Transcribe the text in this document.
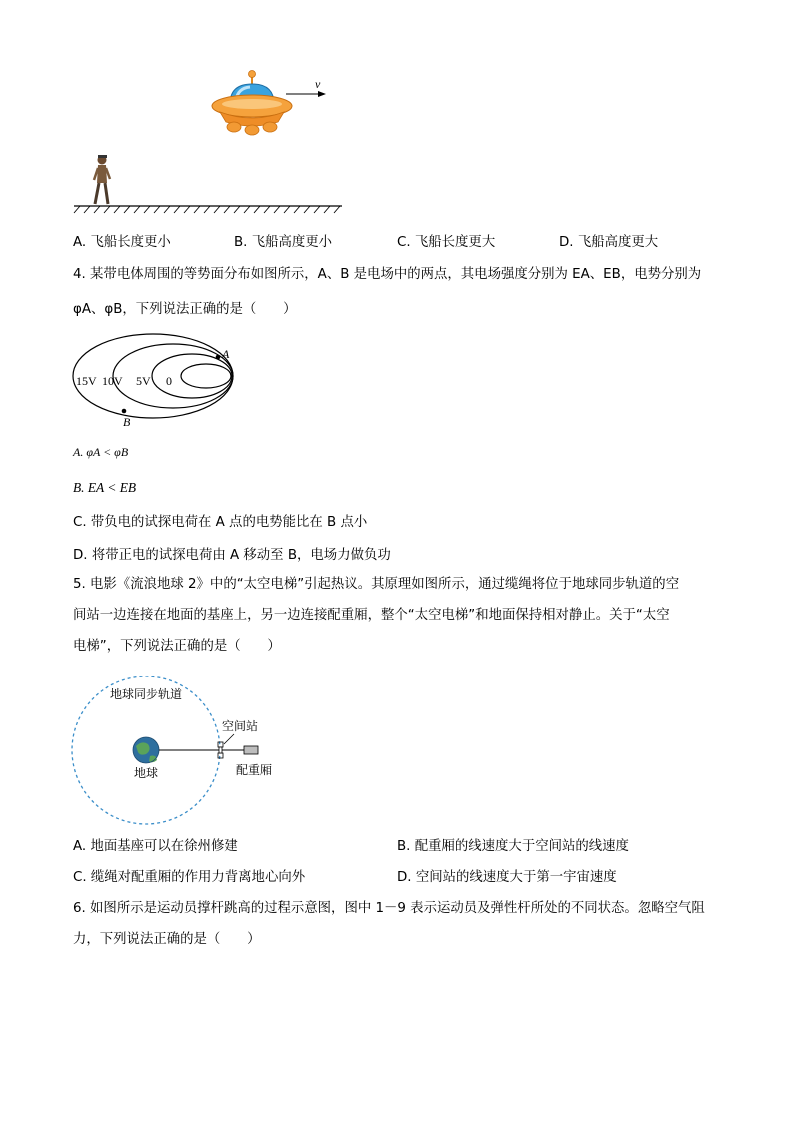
v
A. 飞船长度更小	B. 飞船高度更小	C. 飞船长度更大	D. 飞船高度更大
4. 某带电体周围的等势面分布如图所示，A、B 是电场中的两点，其电场强度分别为 EA、EB，电势分别为
φA、φB，下列说法正确的是（　　）
15V 10V 5V 0
A
B
A. φA < φB
B. EA < EB
C. 带负电的试探电荷在 A 点的电势能比在 B 点小
D. 将带正电的试探电荷由 A 移动至 B，电场力做负功
5. 电影《流浪地球 2》中的“太空电梯”引起热议。其原理如图所示，通过缆绳将位于地球同步轨道的空
间站一边连接在地面的基座上，另一边连接配重厢，整个“太空电梯”和地面保持相对静止。关于“太空
电梯”，下列说法正确的是（　　）
地球同步轨道
空间站
配重厢
地球
A. 地面基座可以在徐州修建	B. 配重厢的线速度大于空间站的线速度
C. 缆绳对配重厢的作用力背离地心向外	D. 空间站的线速度大于第一宇宙速度
6. 如图所示是运动员撑杆跳高的过程示意图，图中 1－9 表示运动员及弹性杆所处的不同状态。忽略空气阻
力，下列说法正确的是（　　）
